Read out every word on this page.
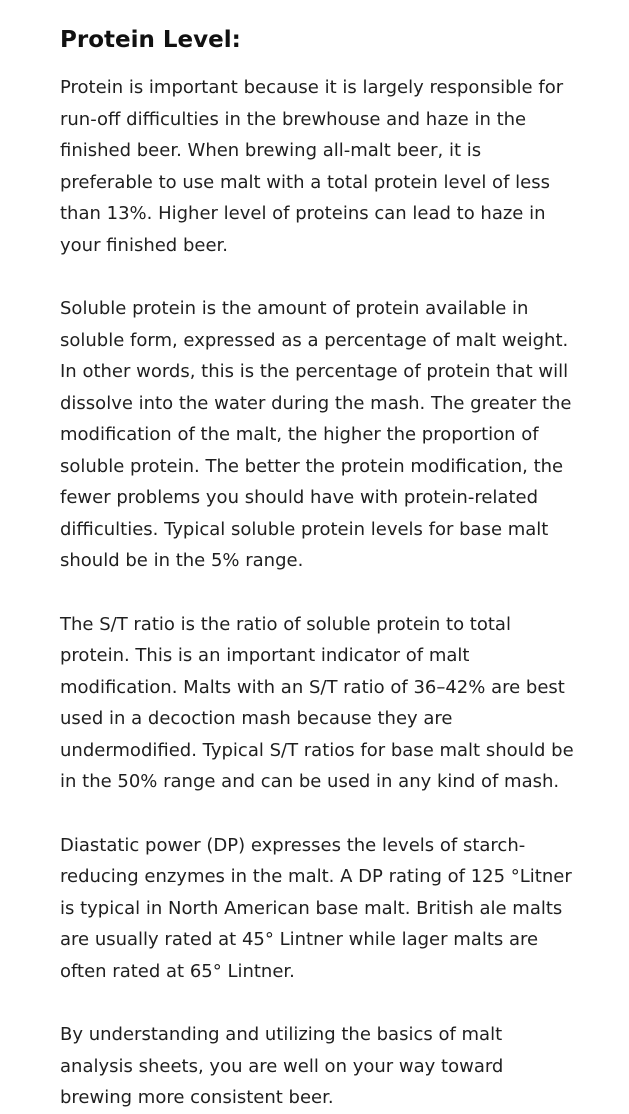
Protein Level:

Protein is important because it is largely responsible for run-off difficulties in the brewhouse and haze in the finished beer. When brewing all-malt beer, it is preferable to use malt with a total protein level of less than 13%. Higher level of proteins can lead to haze in your finished beer.

Soluble protein is the amount of protein available in soluble form, expressed as a percentage of malt weight. In other words, this is the percentage of protein that will dissolve into the water during the mash. The greater the modification of the malt, the higher the proportion of soluble protein. The better the protein modification, the fewer problems you should have with protein-related difficulties. Typical soluble protein levels for base malt should be in the 5% range.

The S/T ratio is the ratio of soluble protein to total protein. This is an important indicator of malt modification. Malts with an S/T ratio of 36–42% are best used in a decoction mash because they are undermodified. Typical S/T ratios for base malt should be in the 50% range and can be used in any kind of mash.

Diastatic power (DP) expresses the levels of starch-reducing enzymes in the malt. A DP rating of 125 °Litner is typical in North American base malt. British ale malts are usually rated at 45° Lintner while lager malts are often rated at 65° Lintner.

By understanding and utilizing the basics of malt analysis sheets, you are well on your way toward brewing more consistent beer.
